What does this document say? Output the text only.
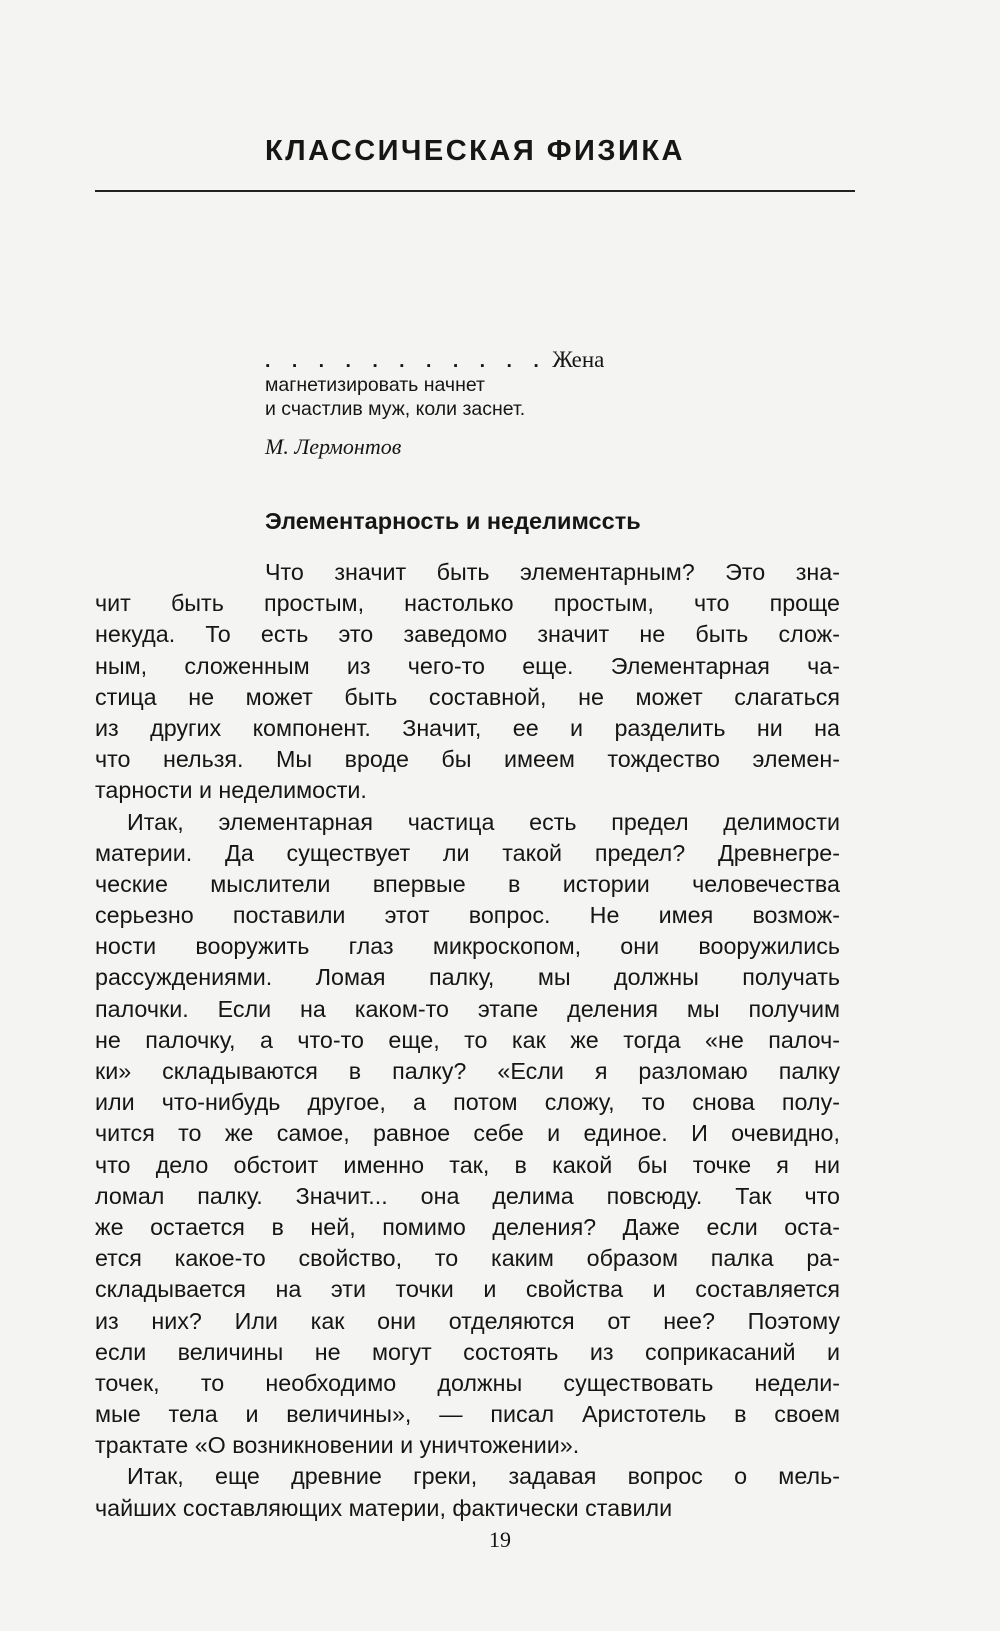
КЛАССИЧЕСКАЯ ФИЗИКА
. . . . . . . . . . . Жена
магнетизировать начнет
и счастлив муж, коли заснет.
М. Лермонтов
Элементарность и неделимсcть
Что значит быть элементарным? Это зна-
чит быть простым, настолько простым, что проще
некуда. То есть это заведомо значит не быть слож-
ным, сложенным из чего-то еще. Элементарная ча-
стица не может быть составной, не может слагаться
из других компонент. Значит, ее и разделить ни на
что нельзя. Мы вроде бы имеем тождество элемен-
тарности и неделимости.
Итак, элементарная частица есть предел делимости
материи. Да существует ли такой предел? Древнегре-
ческие мыслители впервые в истории человечества
серьезно поставили этот вопрос. Не имея возмож-
ности вооружить глаз микроскопом, они вооружились
рассуждениями. Ломая палку, мы должны получать
палочки. Если на каком-то этапе деления мы получим
не палочку, а что-то еще, то как же тогда «не палоч-
ки» складываются в палку? «Если я разломаю палку
или что-нибудь другое, а потом сложу, то снова полу-
чится то же самое, равное себе и единое. И очевидно,
что дело обстоит именно так, в какой бы точке я ни
ломал палку. Значит... она делима повсюду. Так что
же остается в ней, помимо деления? Даже если оста-
ется какое-то свойство, то каким образом палка ра-
складывается на эти точки и свойства и составляется
из них? Или как они отделяются от нее? Поэтому
если величины не могут состоять из соприкасаний и
точек, то необходимо должны существовать недели-
мые тела и величины», — писал Аристотель в своем
трактате «О возникновении и уничтожении».
Итак, еще древние греки, задавая вопрос о мель-
чайших составляющих материи, фактически ставили
19
